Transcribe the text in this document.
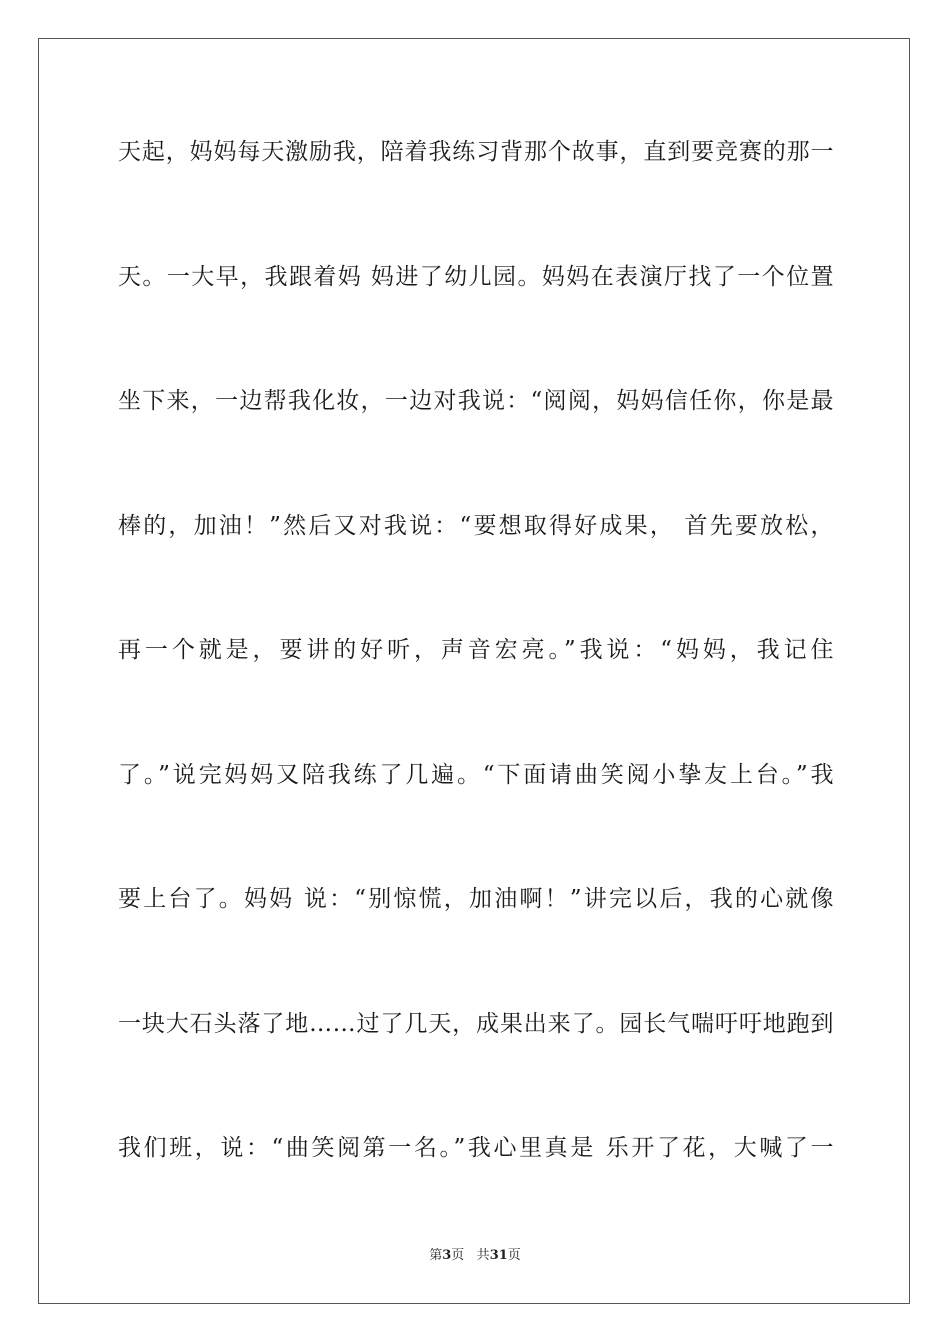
天起，妈妈每天激励我，陪着我练习背那个故事，直到要竞赛的那一
天。一大早，我跟着妈 妈进了幼儿园。妈妈在表演厅找了一个位置
坐下来，一边帮我化妆，一边对我说：“阅阅，妈妈信任你，你是最
棒的，加油！”然后又对我说：“要想取得好成果， 首先要放松，
再一个就是，要讲的好听，声音宏亮。”我说：“妈妈，我记住
了。”说完妈妈又陪我练了几遍。“下面请曲笑阅小挚友上台。”我
要上台了。妈妈 说：“别惊慌，加油啊！”讲完以后，我的心就像
一块大石头落了地……过了几天，成果出来了。园长气喘吁吁地跑到
我们班，说：“曲笑阅第一名。”我心里真是 乐开了花，大喊了一
第3页 共31页
